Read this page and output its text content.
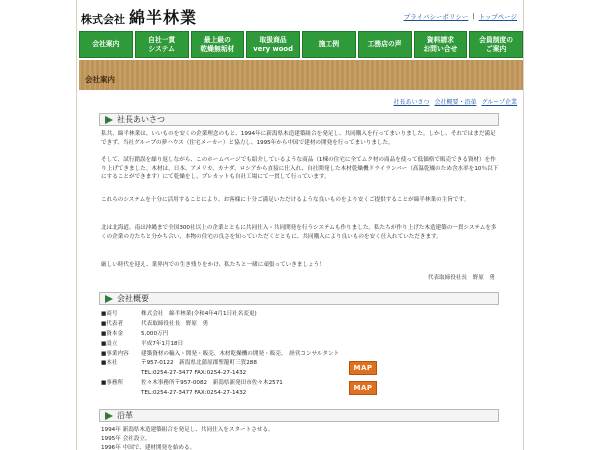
株式会社 綿半林業	プライバシーポリシー | トップページ
会社案内
自社一貫
システム
最上級の
乾燥無垢材
取扱商品
very wood
施工例	工務店の声
資料請求
お問い合せ
会員制度の
ご案内
会社案内
社長あいさつ 会社概要・沿革 グループ企業
社長あいさつ

私共、綿半林業は、いいものを安くの企業理念のもと、1994年に新潟県木造建築組合を発足し、共同購入を行ってまいりました。しかし、それではまだ満足できず、当社グループの夢ハウス（住宅メーカー）と協力し、1995年から中国で建材の開発を行ってまいりました。

そして、試行錯誤を繰り返しながら、このホームページでも紹介しているような商品（1棟の住宅に全てムク材の商品を使って低価格で販売できる資材）を作り上げてきました。木材は、日本、アメリカ、カナダ、ロシアから直接に仕入れ、自社開発した木材乾燥機ドライランバー（高温乾燥のため含水率を10％以下にすることができます）にて乾燥をし、プレカットも自社工場にて一貫して行っています。

これらのシステムを十分に活用することにより、お客様に十分ご満足いただけるような良いものをより安くご提供することが綿半林業の主旨です。

北は北海道、南は沖縄まで全国300社以上の企業とともに共同仕入・共同開発を行うシステムも作りました。私たちが作り上げた木造建築の一貫システムを多くの企業の方たちと分かち合い、本物の住宅の良さを知っていただくとともに、共同購入により良いものを安く仕入れていただきます。

厳しい時代を迎え、業界内での生き残りをかけ、私たちと一緒に頑張っていきましょう！

代表取締役社長　野原　勇

会社概要
■商号	株式会社　綿半林業(令和4年4月1日社名変更)
■代表者	代表取締役社長　野原　勇
■資本金	5,000万円
■設立	平成7年1月18日
■事業内容	建築資材の輸入・開発・販売、木材乾燥機の開発・販売、　経営コンサルタント
■本社	〒957-0122　新潟県北蒲原郡聖籠町三賀288
TEL:0254-27-3477 FAX:0254-27-1432
■事務所	佐々木事務所〒957-0082　新潟県新発田市佐々木2571
TEL:0254-27-3477 FAX:0254-27-1432
MAP
MAP
沿革
1994年 新潟県木造建築組合を発足し、共同仕入をスタートさせる。
1995年 会社設立。
1996年 中国で、建材開発を始める。
